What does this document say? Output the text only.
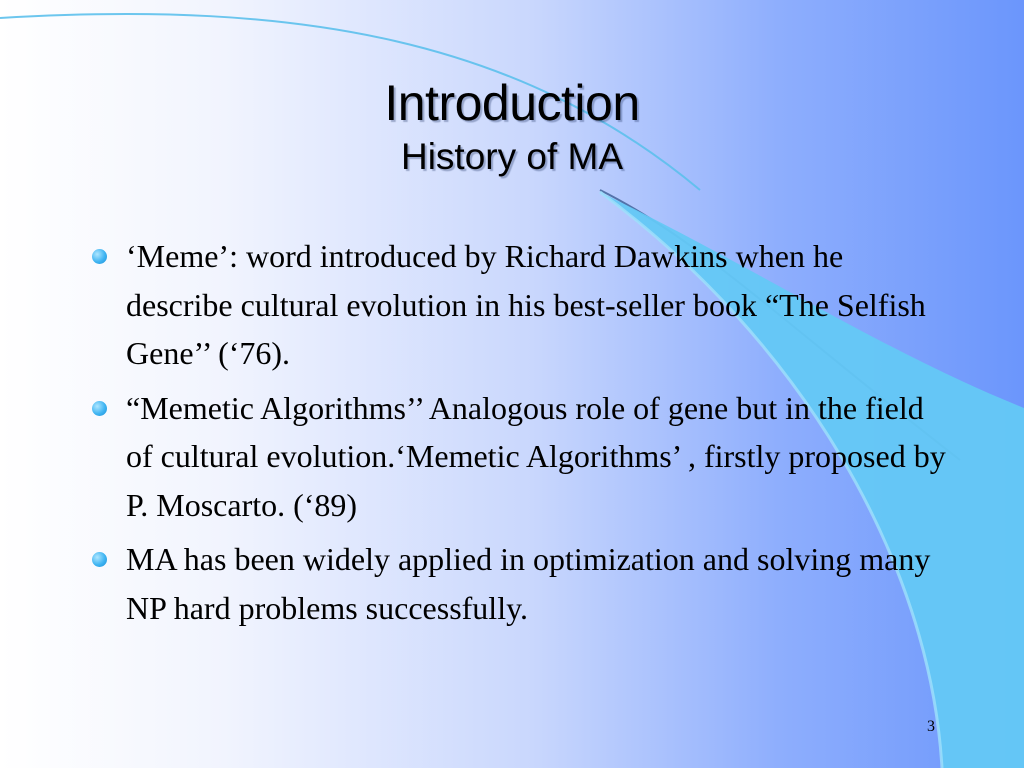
Introduction
History of MA
‘Meme’: word introduced by Richard Dawkins when he describe cultural evolution in his best-seller book “The Selfish Gene’’ (‘76).
“Memetic Algorithms’’ Analogous role of gene but in the field of cultural evolution.‘Memetic Algorithms’ , firstly proposed by P. Moscarto. (‘89)
MA has been widely applied in optimization and solving many NP hard problems successfully.
3
